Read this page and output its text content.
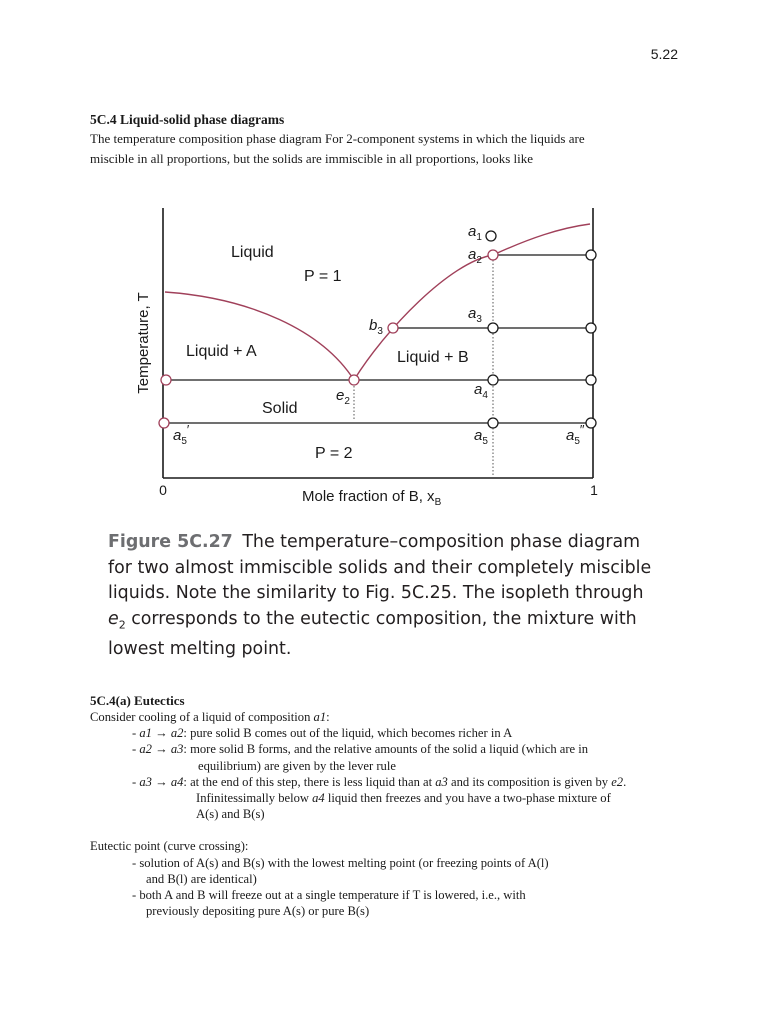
5.22
5C.4 Liquid-solid phase diagrams
The temperature composition phase diagram For 2-component systems in which the liquids are
miscible in all proportions, but the solids are immiscible in all proportions, looks like
Liquid
P = 1
Liquid + A	Liquid + B
Solid
P = 2
$a_1$
$a_2$
$b_3$
$a_3$
$e_2$
$a_4$
$a_5'$	$a_5$	$a_5''$
Temperature, T
0	1
Mole fraction of B, $x_B$
Figure 5C.27 The temperature–composition phase diagram
for two almost immiscible solids and their completely miscible
liquids. Note the similarity to Fig. 5C.25. The isopleth through
$e_2$ corresponds to the eutectic composition, the mixture with
lowest melting point.
5C.4(a) Eutectics
Consider cooling of a liquid of composition a1:
- a1 → a2: pure solid B comes out of the liquid, which becomes richer in A
- a2 → a3: more solid B forms, and the relative amounts of the solid a liquid (which are in
equilibrium) are given by the lever rule
- a3 → a4: at the end of this step, there is less liquid than at a3 and its composition is given by e2.
Infinitessimally below a4 liquid then freezes and you have a two-phase mixture of
A(s) and B(s)
Eutectic point (curve crossing):
- solution of A(s) and B(s) with the lowest melting point (or freezing points of A(l)
and B(l) are identical)
- both A and B will freeze out at a single temperature if T is lowered, i.e., with
previously depositing pure A(s) or pure B(s)
